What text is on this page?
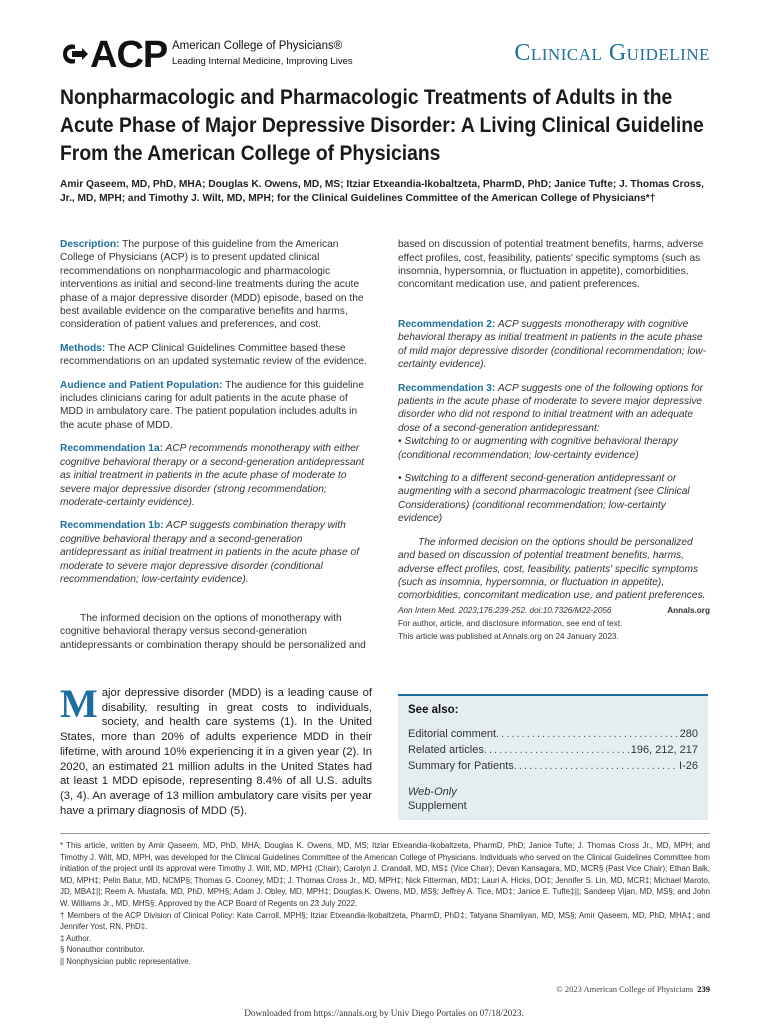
ACP American College of Physicians®
Leading Internal Medicine, Improving Lives	Clinical Guideline
Nonpharmacologic and Pharmacologic Treatments of Adults in the Acute Phase of Major Depressive Disorder: A Living Clinical Guideline From the American College of Physicians
Amir Qaseem, MD, PhD, MHA; Douglas K. Owens, MD, MS; Itziar Etxeandia-Ikobaltzeta, PharmD, PhD; Janice Tufte; J. Thomas Cross, Jr., MD, MPH; and Timothy J. Wilt, MD, MPH; for the Clinical Guidelines Committee of the American College of Physicians*†

Description: The purpose of this guideline from the American College of Physicians (ACP) is to present updated clinical recommendations on nonpharmacologic and pharmacologic interventions as initial and second-line treatments during the acute phase of a major depressive disorder (MDD) episode, based on the best available evidence on the comparative benefits and harms, consideration of patient values and preferences, and cost.

Methods: The ACP Clinical Guidelines Committee based these recommendations on an updated systematic review of the evidence.

Audience and Patient Population: The audience for this guideline includes clinicians caring for adult patients in the acute phase of MDD in ambulatory care. The patient population includes adults in the acute phase of MDD.

Recommendation 1a: ACP recommends monotherapy with either cognitive behavioral therapy or a second-generation antidepressant as initial treatment in patients in the acute phase of moderate to severe major depressive disorder (strong recommendation; moderate-certainty evidence).

Recommendation 1b: ACP suggests combination therapy with cognitive behavioral therapy and a second-generation antidepressant as initial treatment in patients in the acute phase of moderate to severe major depressive disorder (conditional recommendation; low-certainty evidence).

The informed decision on the options of monotherapy with cognitive behavioral therapy versus second-generation antidepressants or combination therapy should be personalized and
based on discussion of potential treatment benefits, harms, adverse effect profiles, cost, feasibility, patients' specific symptoms (such as insomnia, hypersomnia, or fluctuation in appetite), comorbidities, concomitant medication use, and patient preferences.

Recommendation 2: ACP suggests monotherapy with cognitive behavioral therapy as initial treatment in patients in the acute phase of mild major depressive disorder (conditional recommendation; low-certainty evidence).

Recommendation 3: ACP suggests one of the following options for patients in the acute phase of moderate to severe major depressive disorder who did not respond to initial treatment with an adequate dose of a second-generation antidepressant:

• Switching to or augmenting with cognitive behavioral therapy (conditional recommendation; low-certainty evidence)

• Switching to a different second-generation antidepressant or augmenting with a second pharmacologic treatment (see Clinical Considerations) (conditional recommendation; low-certainty evidence)

The informed decision on the options should be personalized and based on discussion of potential treatment benefits, harms, adverse effect profiles, cost, feasibility, patients' specific symptoms (such as insomnia, hypersomnia, or fluctuation in appetite), comorbidities, concomitant medication use, and patient preferences.

Ann Intern Med. 2023;176:239-252. doi:10.7326/M22-2056	Annals.org
For author, article, and disclosure information, see end of text.
This article was published at Annals.org on 24 January 2023.
Major depressive disorder (MDD) is a leading cause of disability, resulting in great costs to individuals, society, and health care systems (1). In the United States, more than 20% of adults experience MDD in their lifetime, with around 10% experiencing it in a given year (2). In 2020, an estimated 21 million adults in the United States had at least 1 MDD episode, representing 8.4% of all U.S. adults (3, 4). An average of 13 million ambulatory care visits per year have a primary diagnosis of MDD (5).
See also:
Editorial comment . . .	280
Related articles . . .	196, 212, 217
Summary for Patients . . .	I-26
Web-Only
Supplement

* This article, written by Amir Qaseem, MD, PhD, MHA; Douglas K. Owens, MD, MS; Itziar Etxeandia-Ikobaltzeta, PharmD, PhD; Janice Tufte; J. Thomas Cross Jr., MD, MPH; and Timothy J. Wilt, MD, MPH, was developed for the Clinical Guidelines Committee of the American College of Physicians. Individuals who served on the Clinical Guidelines Committee from initiation of the project until its approval were Timothy J. Wilt, MD, MPH‡ (Chair); Carolyn J. Crandall, MD, MS‡ (Vice Chair); Devan Kansagara, MD, MCR§ (Past Vice Chair); Ethan Balk, MD, MPH‡; Pelin Batur, MD, NCMP§; Thomas G. Cooney, MD‡; J. Thomas Cross Jr., MD, MPH‡; Nick Fitterman, MD‡; Lauri A. Hicks, DO‡; Jennifer S. Lin, MD, MCR‡; Michael Maroto, JD, MBA‡||; Reem A. Mustafa, MD, PhD, MPH§; Adam J. Obley, MD, MPH‡; Douglas K. Owens, MD, MS§; Jeffrey A. Tice, MD‡; Janice E. Tufte‡||; Sandeep Vijan, MD, MS§; and John W. Williams Jr., MD, MHS§. Approved by the ACP Board of Regents on 23 July 2022.

† Members of the ACP Division of Clinical Policy: Kate Carroll, MPH§; Itziar Etxeandia-Ikobaltzeta, PharmD, PhD‡; Tatyana Shamliyan, MD, MS§; Amir Qaseem, MD, PhD, MHA‡; and Jennifer Yost, RN, PhD‡.

‡ Author.

§ Nonauthor contributor.

|| Nonphysician public representative.

© 2023 American College of Physicians 239
Downloaded from https://annals.org by Univ Diego Portales on 07/18/2023.
